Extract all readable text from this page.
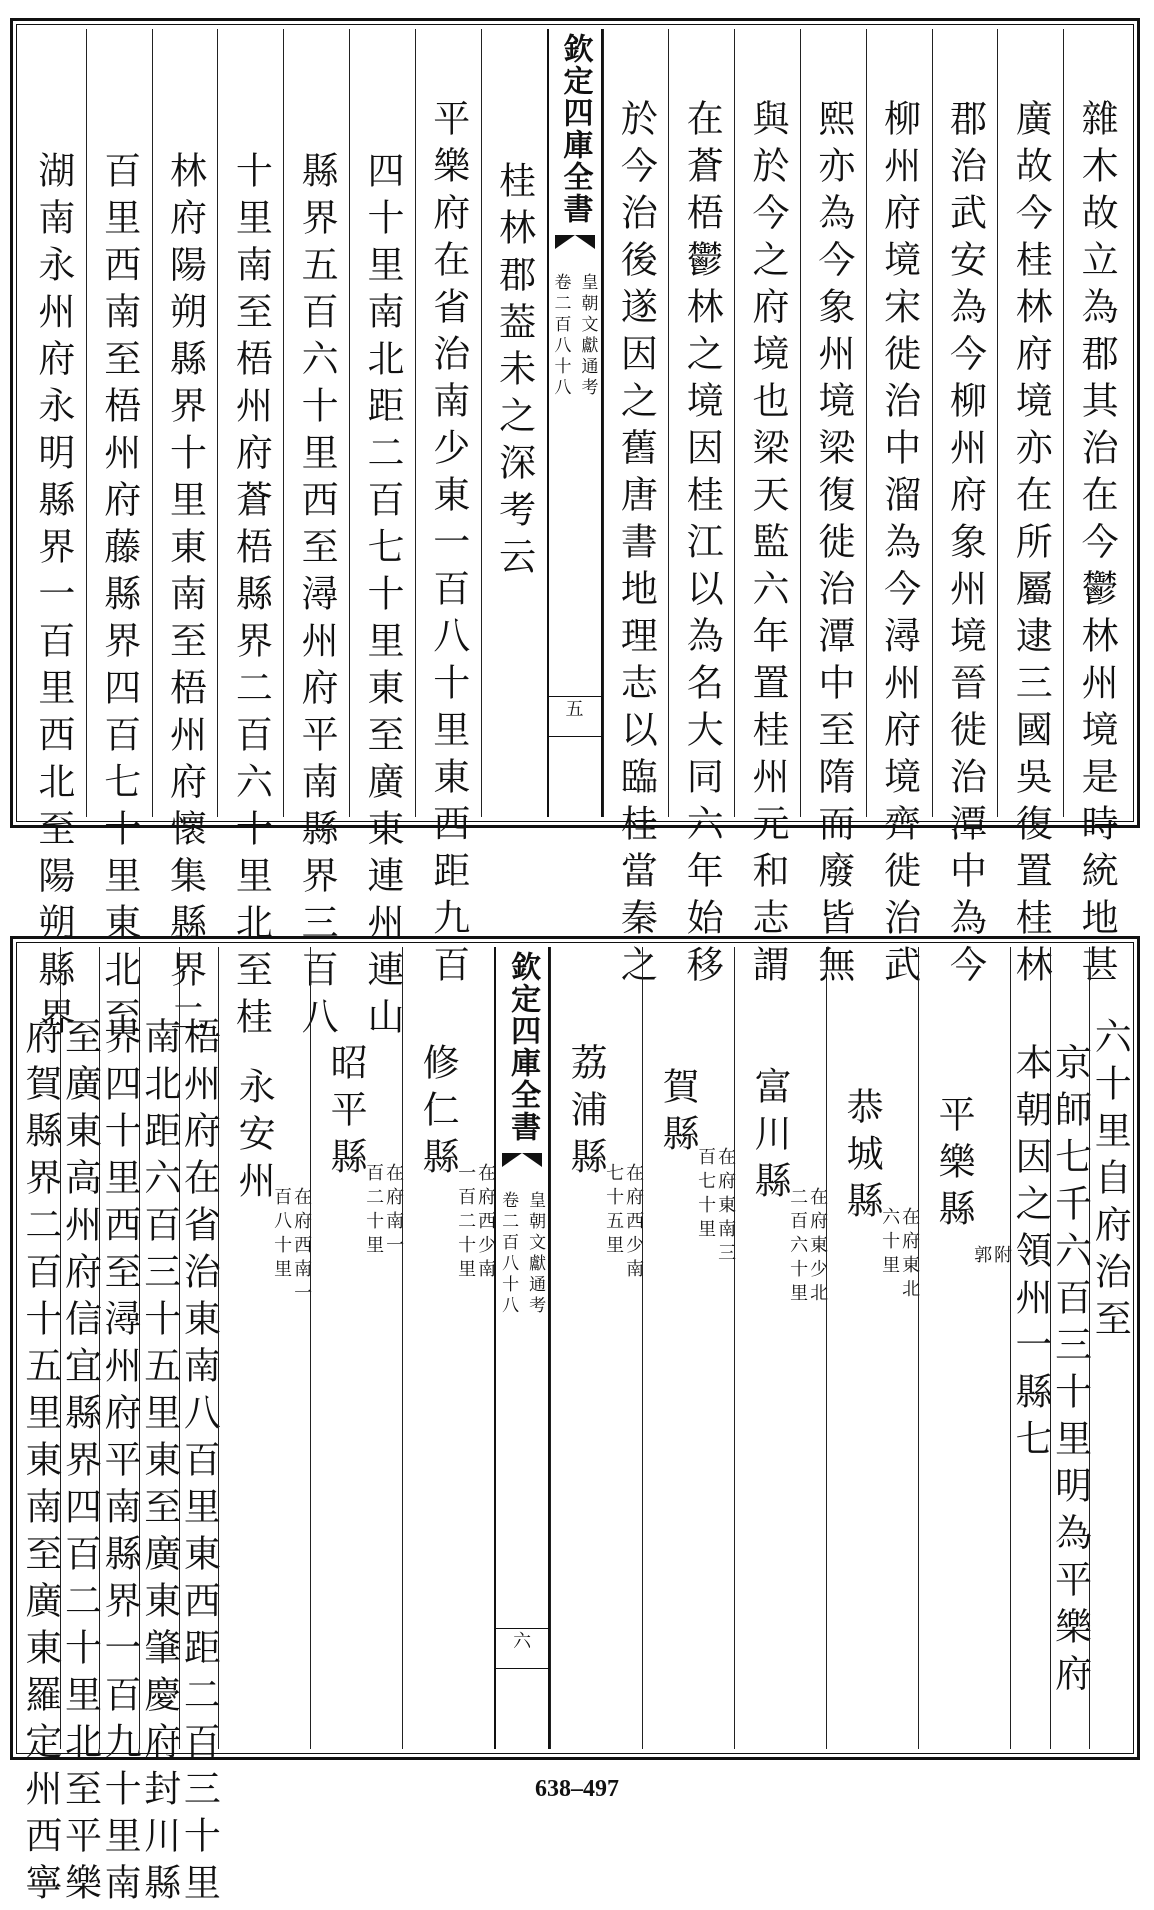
雜木故立為郡其治在今鬱林州境是時統地甚
廣故今桂林府境亦在所屬逮三國吳復置桂林
郡治武安為今柳州府象州境晉徙治潭中為今
柳州府境宋徙治中溜為今潯州府境齊徙治武
熙亦為今象州境梁復徙治潭中至隋而廢皆無
與於今之府境也梁天監六年置桂州元和志謂
在蒼梧鬱林之境因桂江以為名大同六年始移
於今治後遂因之舊唐書地理志以臨桂當秦之
欽定四庫全書
皇朝文獻通考
卷二百八十八
五
桂林郡葢未之深考云
平樂府在省治南少東一百八十里東西距九百
四十里南北距二百七十里東至廣東連州連山
縣界五百六十里西至潯州府平南縣界三百八
十里南至梧州府蒼梧縣界二百六十里北至桂
林府陽朔縣界十里東南至梧州府懷集縣界二
百里西南至梧州府藤縣界四百七十里東北至
湖南永州府永明縣界一百里西北至陽朔縣界
六十里自府治至
京師七千六百三十里明為平樂府
本朝因之領州一縣七
平樂縣
附
郭
恭城縣
在府東北
六十里
富川縣
在府東少北
二百六十里
賀縣
在府東南三
百七十里
荔浦縣
在府西少南
七十五里
欽定四庫全書
皇朝文獻通考
卷二百八十八
六
修仁縣
在府西少南
一百二十里
昭平縣
在府南一
百二十里
永安州
在府西南一
百八十里
梧州府在省治東南八百里東西距二百三十里
南北距六百三十五里東至廣東肇慶府封川縣
界四十里西至潯州府平南縣界一百九十里南
至廣東高州府信宜縣界四百二十里北至平樂
府賀縣界二百十五里東南至廣東羅定州西寧	638–497
